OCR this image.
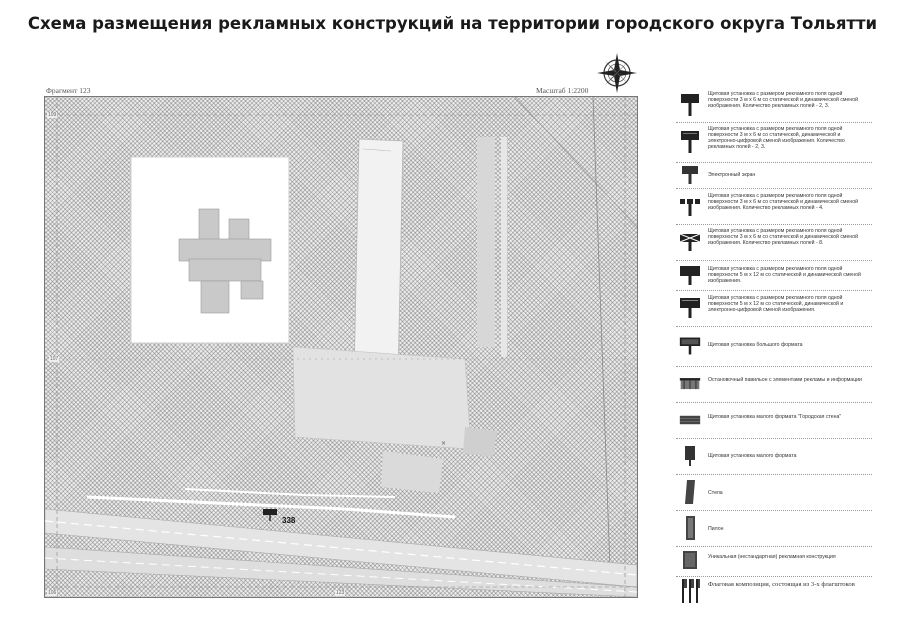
Схема размещения рекламных конструкций на территории городского округа Тольятти
Фрагмент 123	Масштаб 1:2200
×
109
107
106	123
338
Щитовая установка с размером рекламного поля одной поверхности 3 м х 6 м со статической и динамической сменой изображения. Количество рекламных полей - 2, 3.
Щитовая установка с размером рекламного поля одной поверхности 3 м х 6 м со статической, динамической и электронно-цифровой сменой изображения. Количество рекламных полей - 2, 3.
Электронный экран
Щитовая установка с размером рекламного поля одной поверхности 3 м х 6 м со статической и динамической сменой изображения. Количество рекламных полей - 4.
Щитовая установка с размером рекламного поля одной поверхности 3 м х 6 м со статической и динамической сменой изображения. Количество рекламных полей - 8.
Щитовая установка с размером рекламного поля одной поверхности 5 м х 12 м со статической и динамической сменой изображения.
Щитовая установка с размером рекламного поля одной поверхности 5 м х 12 м со статической, динамической и электронно-цифровой сменой изображения.
Щитовая установка большого формата
Остановочный павильон с элементами рекламы и информации
Щитовая установка малого формата "Городская стена"
Щитовая установка малого формата
Стела
Пилон
Уникальная (нестандартная) рекламная конструкция
Флаговая композиция, состоящая из 3-х флагштоков
